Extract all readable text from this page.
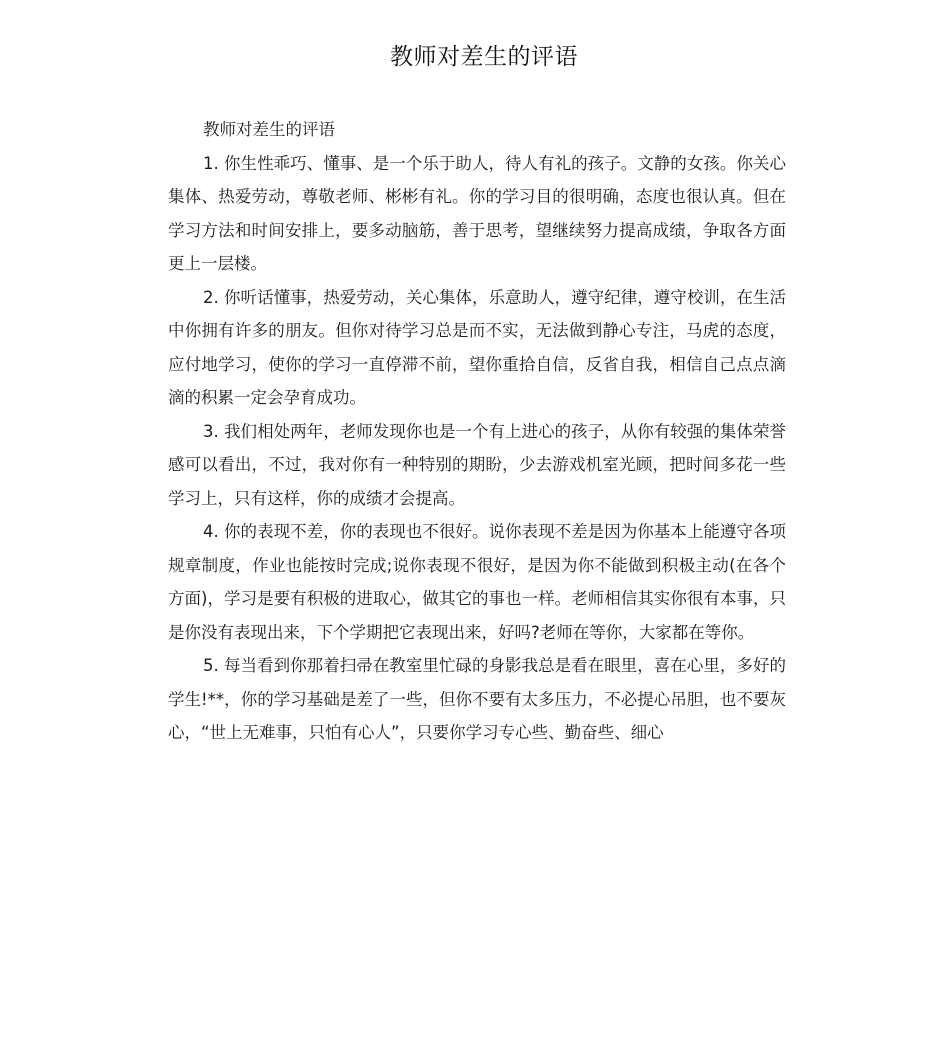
教师对差生的评语

教师对差生的评语

1. 你生性乖巧、懂事、是一个乐于助人，待人有礼的孩子。文静的女孩。你关心集体、热爱劳动，尊敬老师、彬彬有礼。你的学习目的很明确，态度也很认真。但在学习方法和时间安排上，要多动脑筋，善于思考，望继续努力提高成绩，争取各方面更上一层楼。

2. 你听话懂事，热爱劳动，关心集体，乐意助人，遵守纪律，遵守校训，在生活中你拥有许多的朋友。但你对待学习总是而不实，无法做到静心专注，马虎的态度，应付地学习，使你的学习一直停滞不前，望你重拾自信，反省自我，相信自己点点滴滴的积累一定会孕育成功。

3. 我们相处两年，老师发现你也是一个有上进心的孩子，从你有较强的集体荣誉感可以看出，不过，我对你有一种特别的期盼，少去游戏机室光顾，把时间多花一些学习上，只有这样，你的成绩才会提高。

4. 你的表现不差，你的表现也不很好。说你表现不差是因为你基本上能遵守各项规章制度，作业也能按时完成;说你表现不很好，是因为你不能做到积极主动(在各个方面)，学习是要有积极的进取心，做其它的事也一样。老师相信其实你很有本事，只是你没有表现出来，下个学期把它表现出来，好吗?老师在等你，大家都在等你。

5. 每当看到你那着扫帚在教室里忙碌的身影我总是看在眼里，喜在心里，多好的学生!**，你的学习基础是差了一些，但你不要有太多压力，不必提心吊胆，也不要灰心，“世上无难事，只怕有心人”，只要你学习专心些、勤奋些、细心
